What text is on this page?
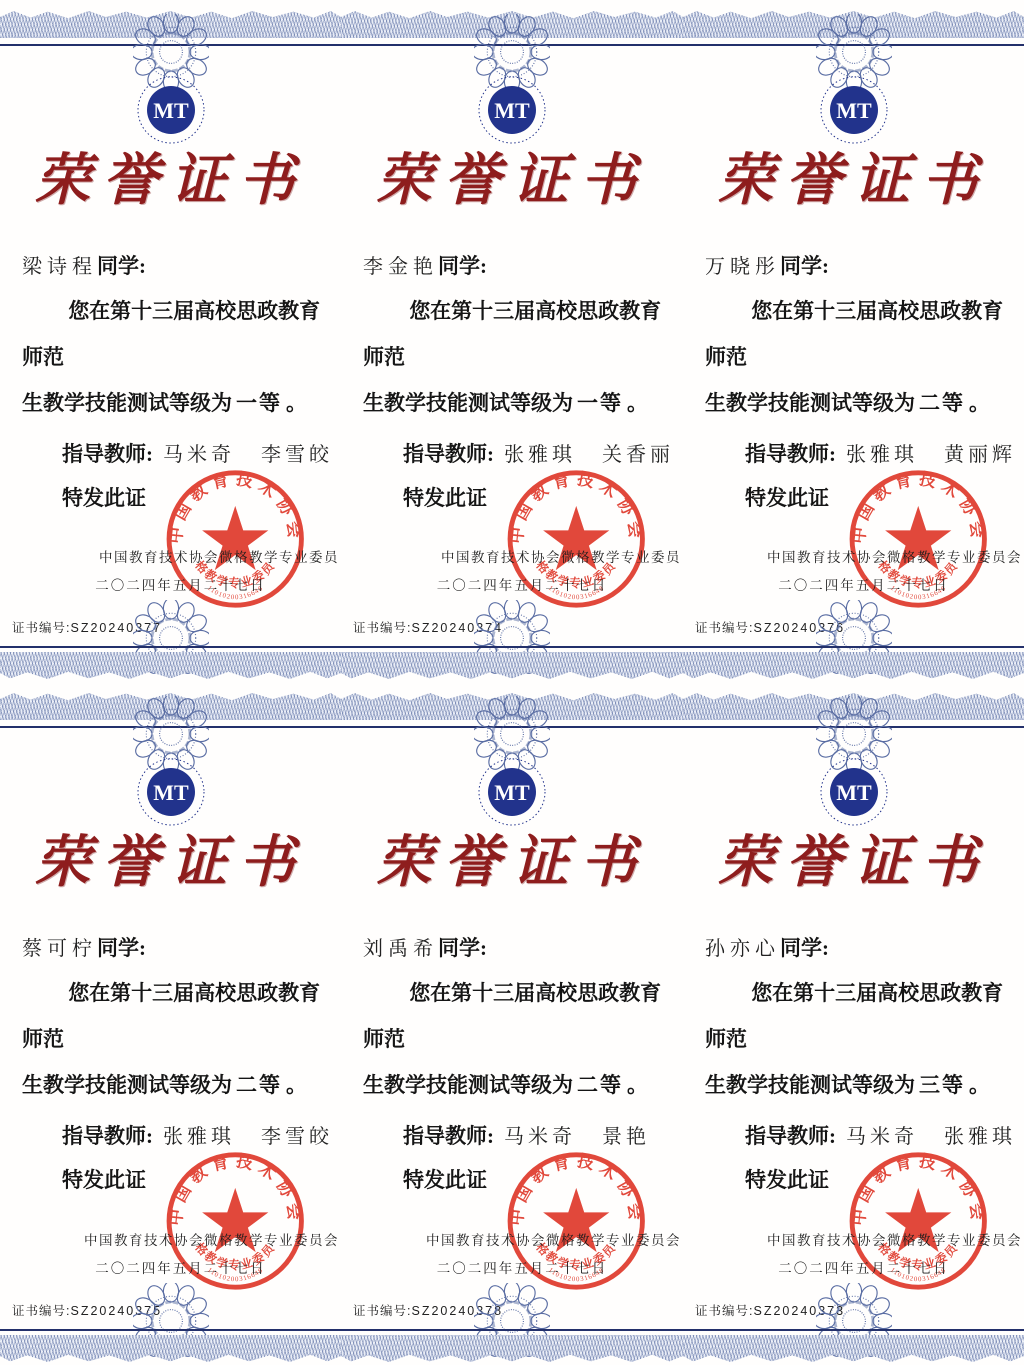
荣誉证书
梁诗程同学:
您在第十三届高校思政教育师范
生教学技能测试等级为 一等 。
指导教师: 马米奇 李雪皎
特发此证
中国教育技术协会微格教学专业委员
二〇二四年五月二十七日
证书编号:SZ20240377
荣誉证书
李金艳同学:
您在第十三届高校思政教育师范
生教学技能测试等级为 一等 。
指导教师: 张雅琪 关香丽
特发此证
中国教育技术协会微格教学专业委员
二〇二四年五月二十七日
证书编号:SZ20240374
荣誉证书
万晓彤同学:
您在第十三届高校思政教育师范
生教学技能测试等级为 二等 。
指导教师: 张雅琪 黄丽辉
特发此证
中国教育技术协会微格教学专业委员会
二〇二四年五月二十七日
证书编号:SZ20240376
荣誉证书
蔡可柠同学:
您在第十三届高校思政教育师范
生教学技能测试等级为 二等 。
指导教师: 张雅琪 李雪皎
特发此证
中国教育技术协会微格教学专业委员会
二〇二四年五月二十七日
证书编号:SZ20240375
荣誉证书
刘禹希同学:
您在第十三届高校思政教育师范
生教学技能测试等级为 二等 。
指导教师: 马米奇 景艳
特发此证
中国教育技术协会微格教学专业委员会
二〇二四年五月二十七日
证书编号:SZ20240378
荣誉证书
孙亦心同学:
您在第十三届高校思政教育师范
生教学技能测试等级为 三等 。
指导教师: 马米奇 张雅琪
特发此证
中国教育技术协会微格教学专业委员会
二〇二四年五月二十七日
证书编号:SZ20240373
